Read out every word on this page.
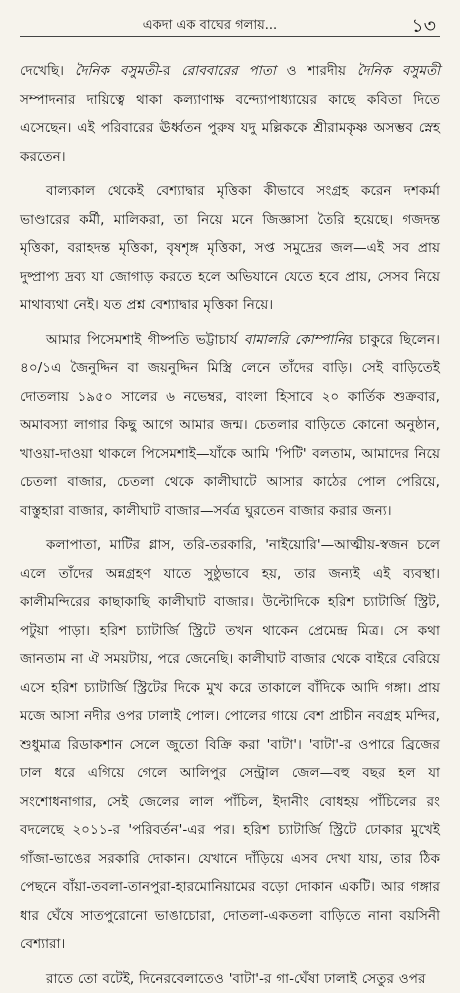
একদা এক বাঘের গলায়...	১৩

দেখেছি। দৈনিক বসুমতী-র রোববারের পাতা ও শারদীয় দৈনিক বসুমতী সম্পাদনার দায়িত্বে থাকা কল্যাণাক্ষ বন্দ্যোপাধ্যায়ের কাছে কবিতা দিতে এসেছেন। এই পরিবারের ঊর্ধ্বতন পুরুষ যদু মল্লিককে শ্রীরামকৃষ্ণ অসম্ভব স্নেহ করতেন।

বাল্যকাল থেকেই বেশ্যাদ্বার মৃত্তিকা কীভাবে সংগ্রহ করেন দশকর্মা ভাণ্ডারের কর্মী, মালিকরা, তা নিয়ে মনে জিজ্ঞাসা তৈরি হয়েছে। গজদন্ত মৃত্তিকা, বরাহদন্ত মৃত্তিকা, বৃষশৃঙ্গ মৃত্তিকা, সপ্ত সমুদ্রের জল—এই সব প্রায় দুষ্প্রাপ্য দ্রব্য যা জোগাড় করতে হলে অভিযানে যেতে হবে প্রায়, সেসব নিয়ে মাথাব্যথা নেই। যত প্রশ্ন বেশ্যাদ্বার মৃত্তিকা নিয়ে।

আমার পিসেমশাই গীষ্পতি ভট্টাচার্য বামালরি কোম্পানির চাকুরে ছিলেন। ৪০/১এ জৈনুদ্দিন বা জয়নুদ্দিন মিস্ত্রি লেনে তাঁদের বাড়ি। সেই বাড়িতেই দোতলায় ১৯৫০ সালের ৬ নভেম্বর, বাংলা হিসাবে ২০ কার্তিক শুক্রবার, অমাবস্যা লাগার কিছু আগে আমার জন্ম। চেতলার বাড়িতে কোনো অনুষ্ঠান, খাওয়া-দাওয়া থাকলে পিসেমশাই—যাঁকে আমি 'পিটি' বলতাম, আমাদের নিয়ে চেতলা বাজার, চেতলা থেকে কালীঘাটে আসার কাঠের পোল পেরিয়ে, বাস্তুহারা বাজার, কালীঘাট বাজার—সর্বত্র ঘুরতেন বাজার করার জন্য।

কলাপাতা, মাটির গ্লাস, তরি-তরকারি, 'নাইয়োরি'—আত্মীয়-স্বজন চলে এলে তাঁদের অন্নগ্রহণ যাতে সুষ্ঠুভাবে হয়, তার জন্যই এই ব্যবস্থা। কালীমন্দিরের কাছাকাছি কালীঘাট বাজার। উল্টোদিকে হরিশ চ্যাটার্জি স্ট্রিট, পটুয়া পাড়া। হরিশ চ্যাটার্জি স্ট্রিটে তখন থাকেন প্রেমেন্দ্র মিত্র। সে কথা জানতাম না ঐ সময়টায়, পরে জেনেছি। কালীঘাট বাজার থেকে বাইরে বেরিয়ে এসে হরিশ চ্যাটার্জি স্ট্রিটের দিকে মুখ করে তাকালে বাঁদিকে আদি গঙ্গা। প্রায় মজে আসা নদীর ওপর ঢালাই পোল। পোলের গায়ে বেশ প্রাচীন নবগ্রহ মন্দির, শুধুমাত্র রিডাকশান সেলে জুতো বিক্রি করা 'বাটা'। 'বাটা'-র ওপারে ব্রিজের ঢাল ধরে এগিয়ে গেলে আলিপুর সেন্ট্রাল জেল—বহু বছর হল যা সংশোধনাগার, সেই জেলের লাল পাঁচিল, ইদানীং বোধহয় পাঁচিলের রং বদলেছে ২০১১-র 'পরিবর্তন'-এর পর। হরিশ চ্যাটার্জি স্ট্রিটে ঢোকার মুখেই গাঁজা-ভাঙের সরকারি দোকান। যেখানে দাঁড়িয়ে এসব দেখা যায়, তার ঠিক পেছনে বাঁয়া-তবলা-তানপুরা-হারমোনিয়ামের বড়ো দোকান একটি। আর গঙ্গার ধার ঘেঁষে সাতপুরোনো ভাঙাচোরা, দোতলা-একতলা বাড়িতে নানা বয়সিনী বেশ্যারা।

রাতে তো বটেই, দিনেরবেলাতেও 'বাটা'-র গা-ঘেঁষা ঢালাই সেতুর ওপর
